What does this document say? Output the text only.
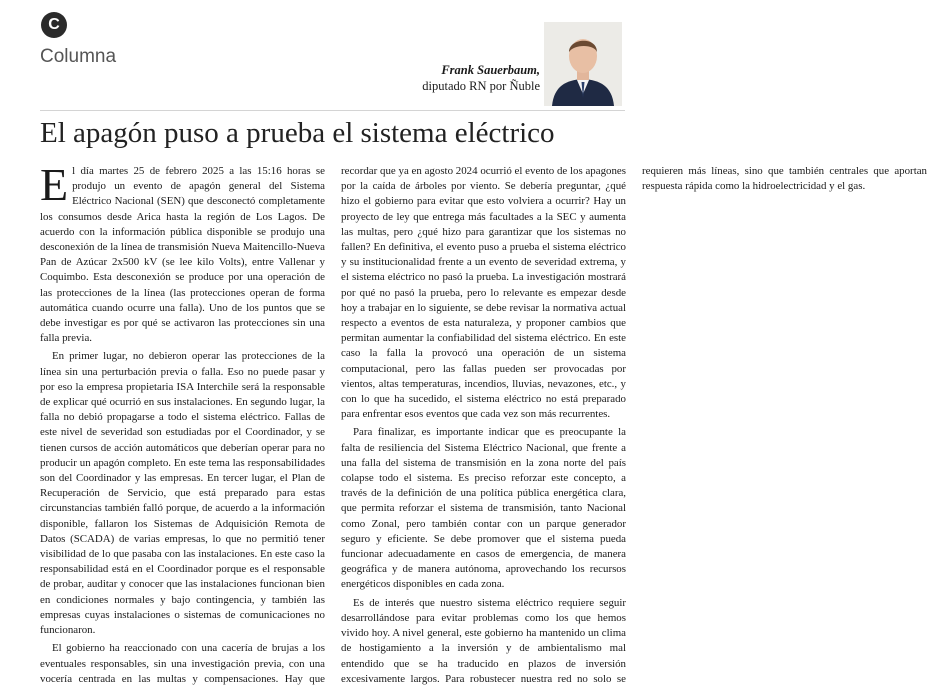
C
Columna
Frank Sauerbaum,
diputado RN por Ñuble
El apagón puso a prueba el sistema eléctrico

El día martes 25 de febrero 2025 a las 15:16 horas se produjo un evento de apagón general del Sistema Eléctrico Nacional (SEN) que desconectó completamente los consumos desde Arica hasta la región de Los Lagos. De acuerdo con la información pública disponible se produjo una desconexión de la línea de transmisión Nueva Maitencillo-Nueva Pan de Azúcar 2x500 kV (se lee kilo Volts), entre Vallenar y Coquimbo. Esta desconexión se produce por una operación de las protecciones de la línea (las protecciones operan de forma automática cuando ocurre una falla). Uno de los puntos que se debe investigar es por qué se activaron las protecciones sin una falla previa.

En primer lugar, no debieron operar las protecciones de la línea sin una perturbación previa o falla. Eso no puede pasar y por eso la empresa propietaria ISA Interchile será la responsable de explicar qué ocurrió en sus instalaciones. En segundo lugar, la falla no debió propagarse a todo el sistema eléctrico. Fallas de este nivel de severidad son estudiadas por el Coordinador, y se tienen cursos de acción automáticos que deberían operar para no producir un apagón completo. En este tema las responsabilidades son del Coordinador y las empresas. En tercer lugar, el Plan de Recuperación de Servicio, que está preparado para estas circunstancias también falló porque, de acuerdo a la información disponible, fallaron los Sistemas de Adquisición Remota de Datos (SCADA) de varias empresas, lo que no permitió tener visibilidad de lo que pasaba con las instalaciones. En este caso la responsabilidad está en el Coordinador porque es el responsable de probar, auditar y conocer que las instalaciones funcionan bien en condiciones normales y bajo contingencia, y también las empresas cuyas instalaciones o sistemas de comunicaciones no funcionaron.

El gobierno ha reaccionado con una cacería de brujas a los eventuales responsables, sin una investigación previa, con una vocería centrada en las multas y compensaciones. Hay que recordar que ya en agosto 2024 ocurrió el evento de los apagones por la caída de árboles por viento. Se debería preguntar, ¿qué hizo el gobierno para evitar que esto volviera a ocurrir? Hay un proyecto de ley que entrega más facultades a la SEC y aumenta las multas, pero ¿qué hizo para garantizar que los sistemas no fallen? En definitiva, el evento puso a prueba el sistema eléctrico y su institucionalidad frente a un evento de severidad extrema, y el sistema eléctrico no pasó la prueba. La investigación mostrará por qué no pasó la prueba, pero lo relevante es empezar desde hoy a trabajar en lo siguiente, se debe revisar la normativa actual respecto a eventos de esta naturaleza, y proponer cambios que permitan aumentar la confiabilidad del sistema eléctrico. En este caso la falla la provocó una operación de un sistema computacional, pero las fallas pueden ser provocadas por vientos, altas temperaturas, incendios, lluvias, nevazones, etc., y con lo que ha sucedido, el sistema eléctrico no está preparado para enfrentar esos eventos que cada vez son más recurrentes.

Para finalizar, es importante indicar que es preocupante la falta de resiliencia del Sistema Eléctrico Nacional, que frente a una falla del sistema de transmisión en la zona norte del país colapse todo el sistema. Es preciso reforzar este concepto, a través de la definición de una política pública energética clara, que permita reforzar el sistema de transmisión, tanto Nacional como Zonal, pero también contar con un parque generador seguro y eficiente. Se debe promover que el sistema pueda funcionar adecuadamente en casos de emergencia, de manera geográfica y de manera autónoma, aprovechando los recursos energéticos disponibles en cada zona.

Es de interés que nuestro sistema eléctrico requiere seguir desarrollándose para evitar problemas como los que hemos vivido hoy. A nivel general, este gobierno ha mantenido un clima de hostigamiento a la inversión y de ambientalismo mal entendido que se ha traducido en plazos de inversión excesivamente largos. Para robustecer nuestra red no solo se requieren más líneas, sino que también centrales que aportan respuesta rápida como la hidroelectricidad y el gas.
